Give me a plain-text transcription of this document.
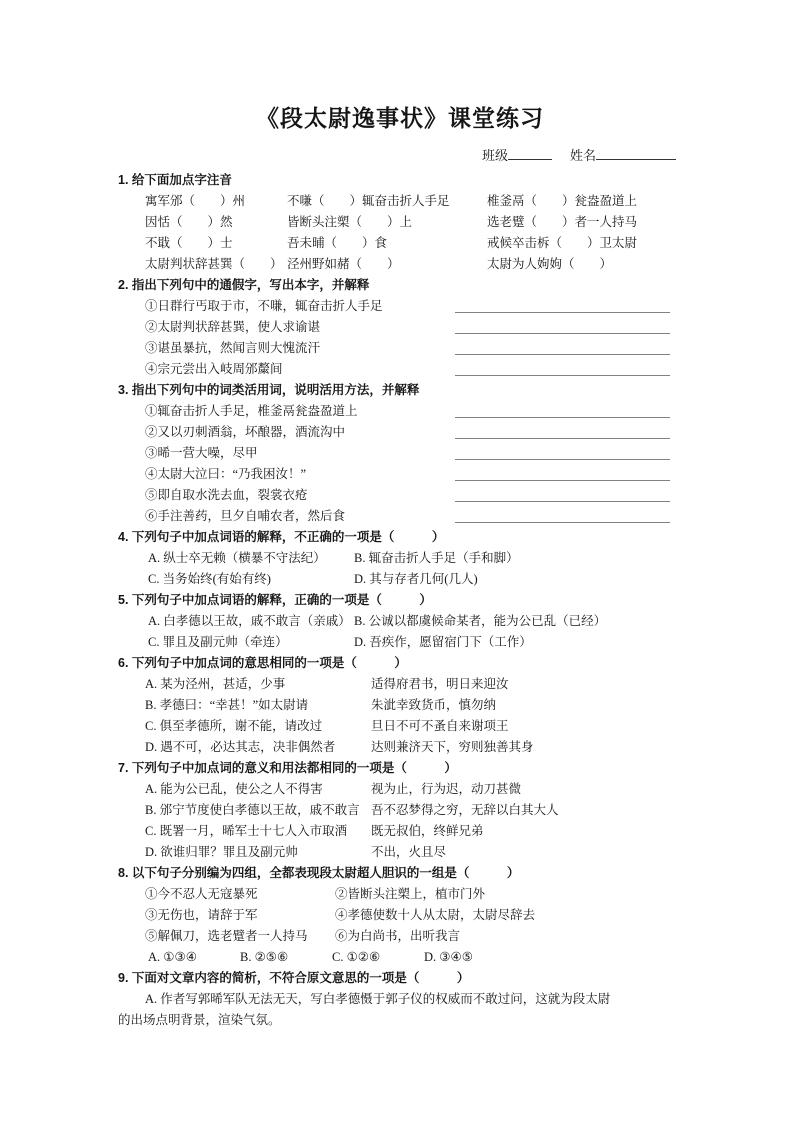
《段太尉逸事状》课堂练习
班级	姓名
1. 给下面加点字注音
寓军邠（　　）州	不嗛（　　）辄奋击折人手足	椎釜鬲（　　）瓮盎盈道上
因恬（　　）然	皆断头注槊（　　）上	选老躄（　　）者一人持马
不戢（　　）士	吾未晡（　　）食	戒候卒击柝（　　）卫太尉
太尉判状辞甚巽（　　） 泾州野如赭（　　）	太尉为人姁姁（　　）
2. 指出下列句中的通假字，写出本字，并解释
①日群行丐取于市，不嗛，辄奋击折人手足
②太尉判状辞甚巽，使人求谕谌
③谌虽暴抗，然闻言则大愧流汗
④宗元尝出入岐周邠斄间
3. 指出下列句中的词类活用词，说明活用方法，并解释
①辄奋击折人手足，椎釜鬲瓮盎盈道上
②又以刃刺酒翁，坏酿器，酒流沟中
③晞一营大噪，尽甲
④太尉大泣曰：“乃我困汝！”
⑤即自取水洗去血，裂裳衣疮
⑥手注善药，旦夕自哺农者，然后食
4. 下列句子中加点词语的解释，不正确的一项是（　　　）
A. 纵士卒无赖（横暴不守法纪）	B. 辄奋击折人手足（手和脚）
C. 当务始终(有始有终)	D. 其与存者几何(几人)
5. 下列句子中加点词语的解释，正确的一项是（　　　）
A. 白孝德以王故，戚不敢言（亲戚） B. 公诚以都虞候命某者，能为公已乱（已经）
C. 罪且及副元帅（牵连）	D. 吾疾作，愿留宿门下（工作）
6. 下列句子中加点词的意思相同的一项是（　　　）
A. 某为泾州，甚适，少事	适得府君书，明日来迎汝
B. 孝德曰：“幸甚！”如太尉请	朱泚幸致货币，慎勿纳
C. 俱至孝德所，谢不能，请改过	旦日不可不蚤自来谢项王
D. 遇不可，必达其志，决非偶然者	达则兼济天下，穷则独善其身
7. 下列句子中加点词的意义和用法都相同的一项是（　　　）
A. 能为公已乱，使公之人不得害	视为止，行为迟，动刀甚微
B. 邠宁节度使白孝德以王故，戚不敢言 吾不忍梦得之穷，无辞以白其大人
C. 既署一月，晞军士十七人入市取酒	既无叔伯，终鲜兄弟
D. 欲谁归罪？罪且及副元帅	不出，火且尽
8. 以下句子分别编为四组，全都表现段太尉超人胆识的一组是（　　　）
①今不忍人无寇暴死	②皆断头注槊上，植市门外
③无伤也，请辞于军	④孝德使数十人从太尉，太尉尽辞去
⑤解佩刀，选老躄者一人持马	⑥为白尚书，出听我言
A. ①③④	B. ②⑤⑥	C. ①②⑥	D. ③④⑤
9. 下面对文章内容的简析，不符合原文意思的一项是（　　　）
A. 作者写郭晞军队无法无天，写白孝德慑于郭子仪的权威而不敢过问，这就为段太尉的出场点明背景，渲染气氛。
